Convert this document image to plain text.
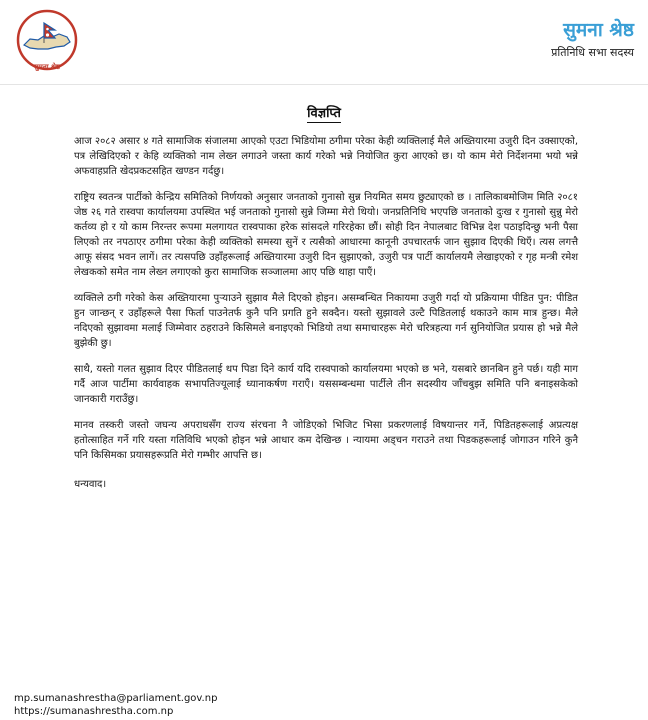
सुमना श्रेष्ठ
सुमना श्रेष्ठ
प्रतिनिधि सभा सदस्य
विज्ञप्ति

आज २०८२ असार ४ गते सामाजिक संजालमा आएको एउटा भिडियोमा ठगीमा परेका केही व्यक्तिलाई मैले अख्तियारमा उजुरी दिन उक्साएको, पत्र लेखिदिएको र केहि व्यक्तिको नाम लेख्न लगाउने जस्ता कार्य गरेको भन्ने नियोजित कुरा आएको छ। यो काम मेरो निर्देशनमा भयो भन्ने अफवाहप्रति खेदप्रकटसहित खण्डन गर्दछु।

राष्ट्रिय स्वतन्त्र पार्टीको केन्द्रिय समितिको निर्णयको अनुसार जनताको गुनासो सुन्न नियमित समय छुट्याएको छ । तालिकाबमोजिम मिति २०८१ जेष्ठ २६ गते रास्वपा कार्यालयमा उपस्थित भई जनताको गुनासो सुन्ने जिम्मा मेरो थियो। जनप्रतिनिधि भएपछि जनताको दुःख र गुनासो सुन्नु मेरो कर्तव्य हो र यो काम निरन्तर रूपमा मलगायत रास्वपाका हरेक सांसदले गरिरहेका छौं। सोही दिन नेपालबाट विभिन्न देश पठाइदिन्छु भनी पैसा लिएको तर नपठाएर ठगीमा परेका केही व्यक्तिको समस्या सुनें र त्यसैको आधारमा कानूनी उपचारतर्फ जान सुझाव दिएकी थिएँ। त्यस लगत्तै आफू संसद भवन लागें। तर त्यसपछि उहाँहरूलाई अख्तियारमा उजुरी दिन सुझाएको, उजुरी पत्र पार्टी कार्यालयमै लेखाइएको र गृह मन्त्री रमेश लेखकको समेत नाम लेख्न लगाएको कुरा सामाजिक सञ्जालमा आए पछि थाहा पाएँ।

व्यक्तिले ठगी गरेको केस अख्तियारमा पुऱ्याउने सुझाव मैले दिएको होइन। असम्बन्धित निकायमा उजुरी गर्दा यो प्रक्रियामा पीडित पुन: पीडित हुन जान्छन् र उहाँहरूले पैसा फिर्ता पाउनेतर्फ कुनै पनि प्रगति हुने सक्दैन। यस्तो सुझावले उल्टै पिडितलाई थकाउने काम मात्र हुन्छ। मैले नदिएको सुझावमा मलाई जिम्मेवार ठहराउने किसिमले बनाइएको भिडियो तथा समाचारहरू मेरो चरित्रहत्या गर्न सुनियोजित प्रयास हो भन्ने मैले बुझेकी छु।

साथै, यस्तो गलत सुझाव दिएर पीडितलाई थप पिडा दिने कार्य यदि रास्वपाको कार्यालयमा भएको छ भने, यसबारे छानबिन हुने पर्छ। यही माग गर्दै आज पार्टीमा कार्यवाहक सभापतिज्यूलाई ध्यानाकर्षण गराएँ। यससम्बन्धमा पार्टीले तीन सदस्यीय जाँचबुझ समिति पनि बनाइसकेको जानकारी गराउँछु।

मानव तस्करी जस्तो जघन्य अपराधसँग राज्य संरचना नै जोडिएको भिजिट भिसा प्रकरणलाई विषयान्तर गर्ने, पिडितहरूलाई अप्रत्यक्ष हतोत्साहित गर्ने गरि यस्ता गतिविधि भएको होइन भन्ने आधार कम देखिन्छ । न्यायमा अड्चन गराउने तथा पिडकहरूलाई जोगाउन गरिने कुनै पनि किसिमका प्रयासहरूप्रति मेरो गम्भीर आपत्ति छ।

धन्यवाद।

mp.sumanashrestha@parliament.gov.np
https://sumanashrestha.com.np
